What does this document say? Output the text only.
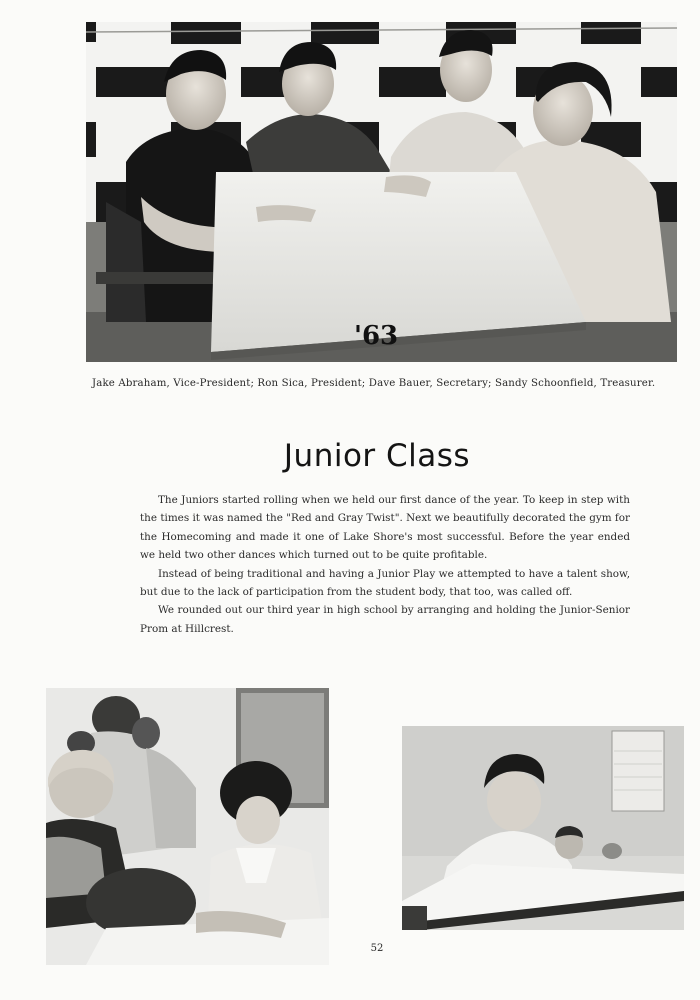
'63
Jake Abraham, Vice-President; Ron Sica, President; Dave Bauer, Secretary; Sandy Schoonfield, Treasurer.
Junior Class

The Juniors started rolling when we held our first dance of the year. To keep in step with the times it was named the "Red and Gray Twist". Next we beautifully decorated the gym for the Homecoming and made it one of Lake Shore's most successful. Before the year ended we held two other dances which turned out to be quite profitable.

Instead of being traditional and having a Junior Play we attempted to have a talent show, but due to the lack of participation from the student body, that too, was called off.

We rounded out our third year in high school by arranging and holding the Junior-Senior Prom at Hillcrest.

52
